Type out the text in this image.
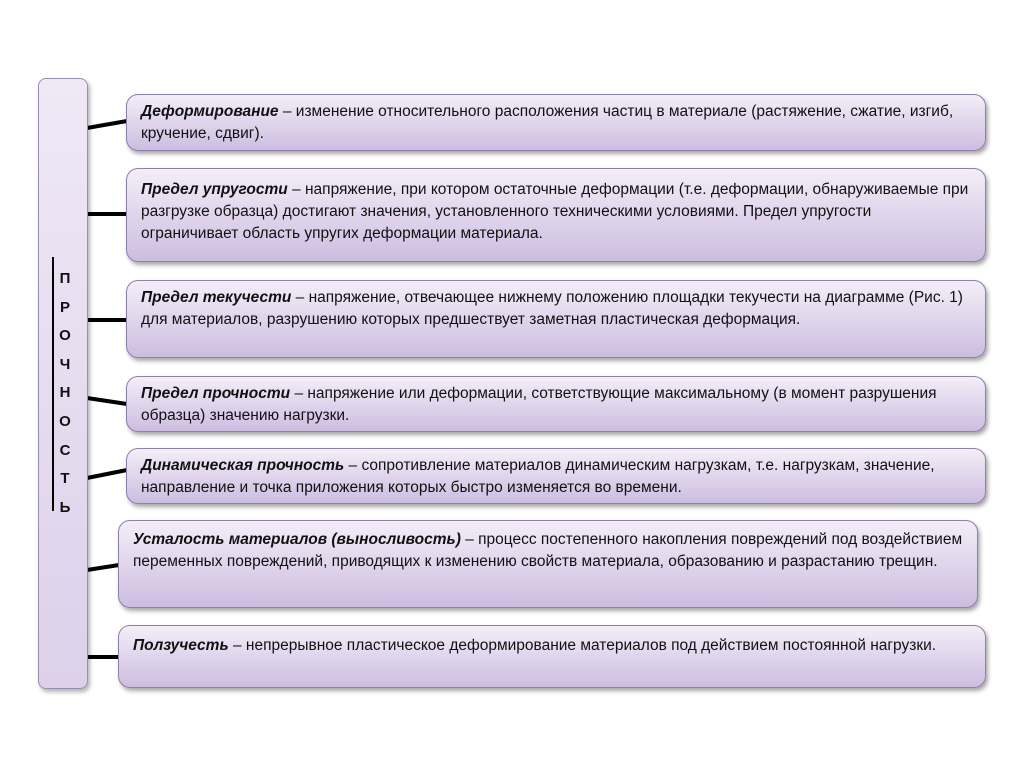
П
Р
О
Ч
Н
О
С
Т
Ь
Деформирование – изменение относительного расположения частиц в материале (растяжение, сжатие, изгиб, кручение, сдвиг).
Предел упругости – напряжение, при котором остаточные деформации (т.е. деформации, обнаруживаемые при разгрузке образца) достигают значения, установленного техническими условиями. Предел упругости ограничивает область упругих деформации материала.
Предел текучести – напряжение, отвечающее нижнему положению площадки текучести на диаграмме (Рис. 1) для материалов, разрушению которых предшествует заметная пластическая деформация.
Предел прочности – напряжение или деформации, сответствующие максимальному (в момент разрушения образца) значению нагрузки.
Динамическая прочность – сопротивление материалов динамическим нагрузкам, т.е. нагрузкам, значение, направление и точка приложения которых быстро изменяется во времени.
Усталость материалов (выносливость) – процесс постепенного накопления повреждений под воздействием переменных повреждений, приводящих к изменению свойств материала, образованию и разрастанию трещин.
Ползучесть – непрерывное пластическое деформирование материалов под действием постоянной нагрузки.
